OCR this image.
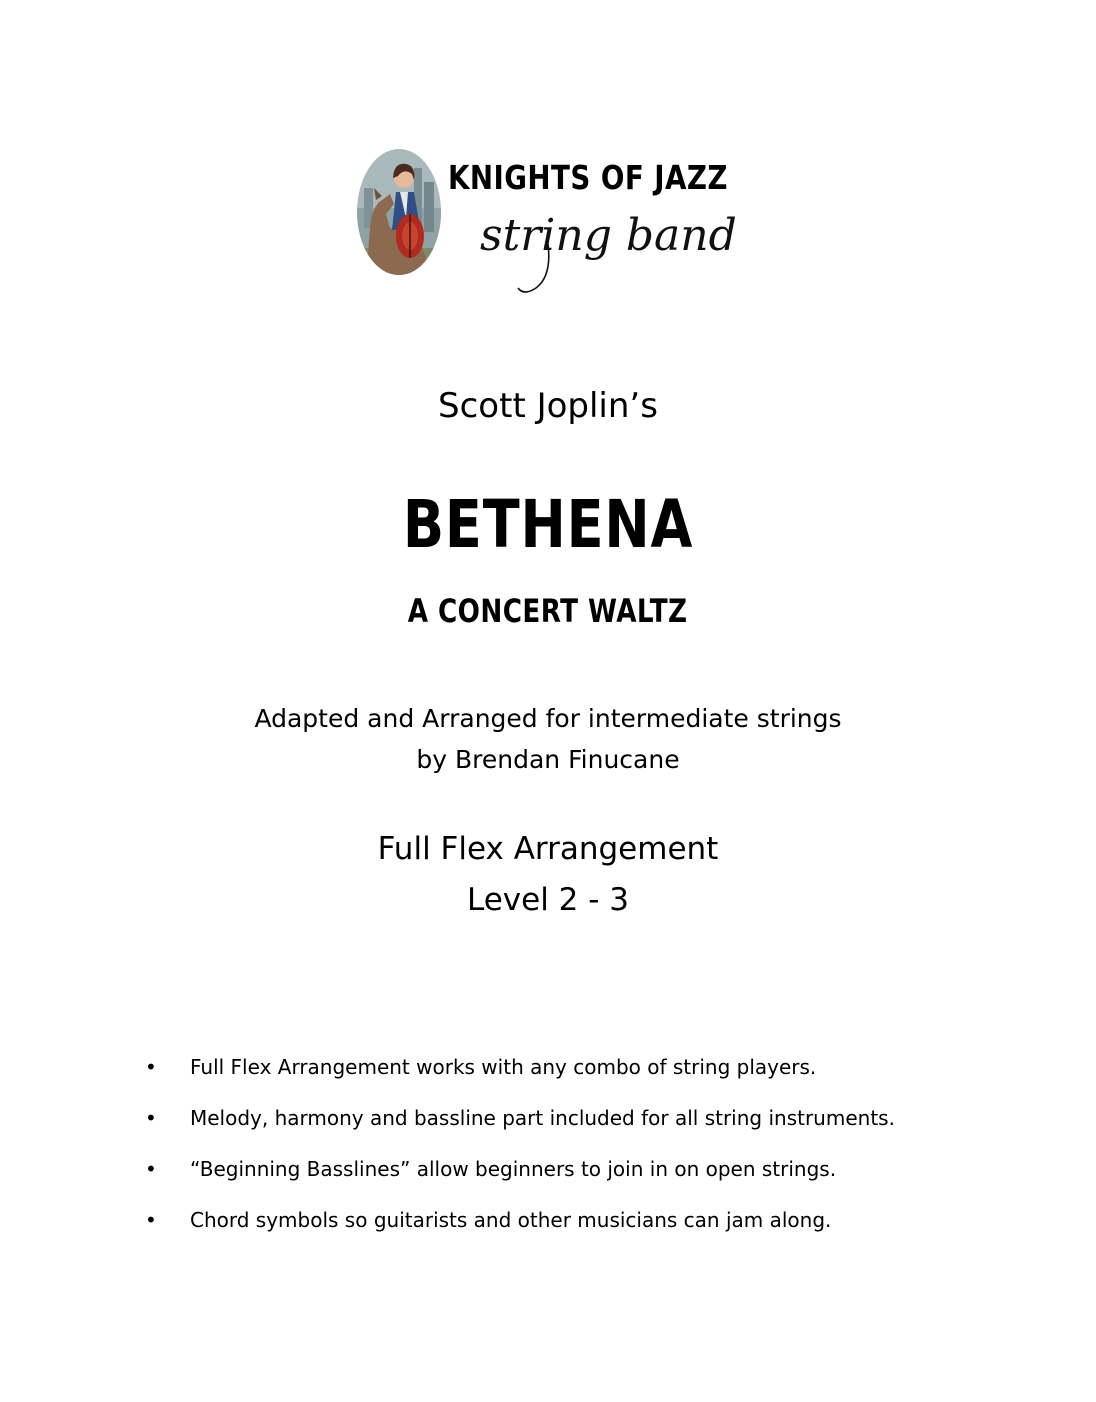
KNIGHTS OF JAZZ
string band
Scott Joplin’s
BETHENA
A CONCERT WALTZ
Adapted and Arranged for intermediate strings
by Brendan Finucane
Full Flex Arrangement
Level 2 - 3
• Full Flex Arrangement works with any combo of string players.
• Melody, harmony and bassline part included for all string instruments.
• “Beginning Basslines” allow beginners to join in on open strings.
• Chord symbols so guitarists and other musicians can jam along.
